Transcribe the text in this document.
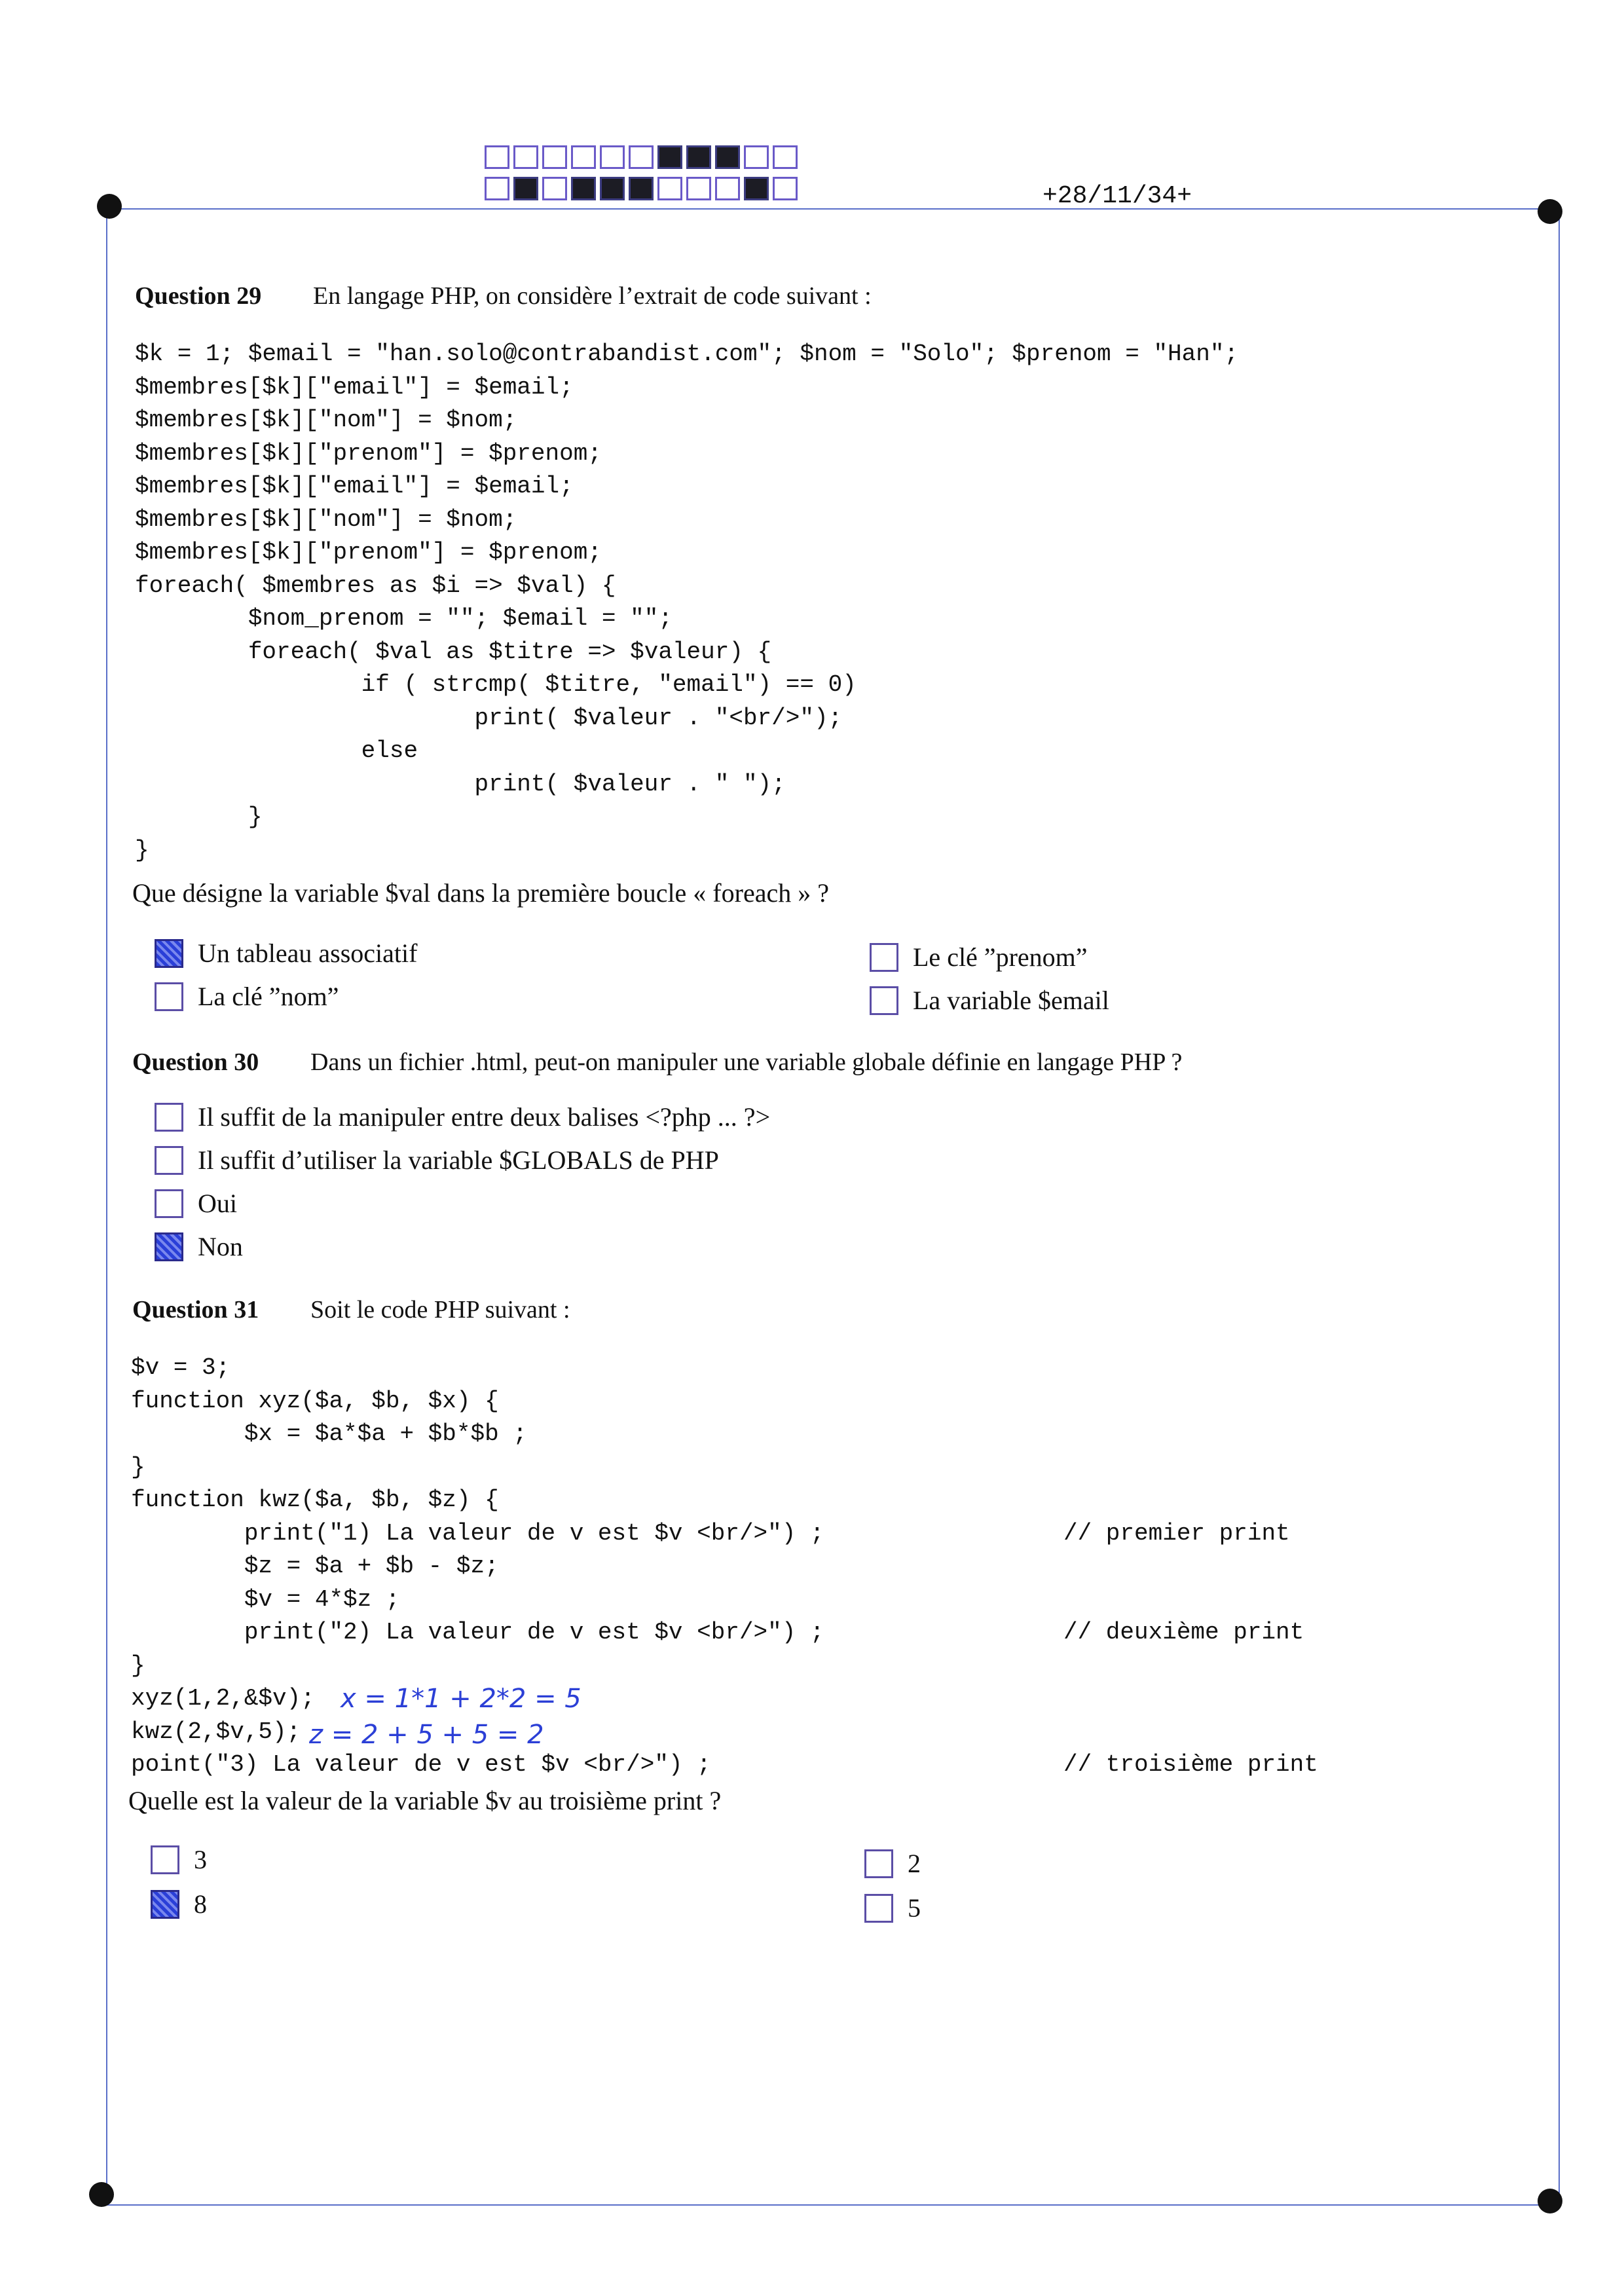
+28/11/34+
Question 29 En langage PHP, on considère l’extrait de code suivant :
$k = 1; $email = "han.solo@contrabandist.com"; $nom = "Solo"; $prenom = "Han";
$membres[$k]["email"] = $email;
$membres[$k]["nom"] = $nom;
$membres[$k]["prenom"] = $prenom;
$membres[$k]["email"] = $email;
$membres[$k]["nom"] = $nom;
$membres[$k]["prenom"] = $prenom;
foreach( $membres as $i => $val) {
$nom_prenom = ""; $email = "";
foreach( $val as $titre => $valeur) {
if ( strcmp( $titre, "email") == 0)
print( $valeur . "<br/>");
else
print( $valeur . " ");
}
}
Que désigne la variable $val dans la première boucle « foreach » ?
Un tableau associatif
La clé ”nom”
Le clé ”prenom”
La variable $email
Question 30 Dans un fichier .html, peut-on manipuler une variable globale définie en langage PHP ?
Il suffit de la manipuler entre deux balises <?php ... ?>
Il suffit d’utiliser la variable $GLOBALS de PHP
Oui
Non
Question 31 Soit le code PHP suivant :
$v = 3;
function xyz($a, $b, $x) {
$x = $a*$a + $b*$b ;
}
function kwz($a, $b, $z) {
print("1) La valeur de v est $v <br/>") ;	// premier print
$z = $a + $b - $z;
$v = 4*$z ;
print("2) La valeur de v est $v <br/>") ;	// deuxième print
}
xyz(1,2,&$v); x = 1*1 + 2*2 = 5
kwz(2,$v,5); z = 2 + 5 + 5 = 2
point("3) La valeur de v est $v <br/>") ;	// troisième print
Quelle est la valeur de la variable $v au troisième print ?
3
8
2
5
